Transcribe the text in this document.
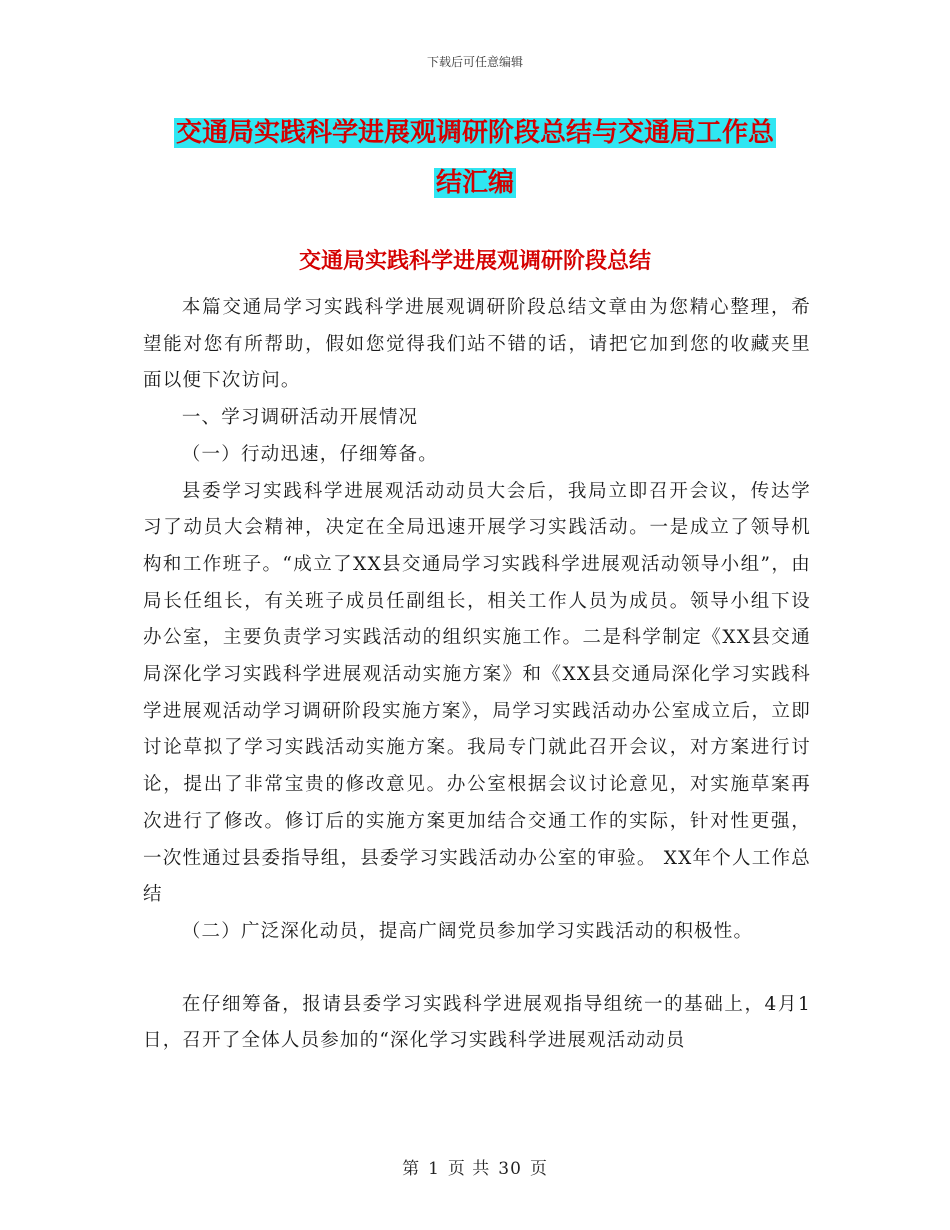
下载后可任意编辑
交通局实践科学进展观调研阶段总结与交通局工作总
结汇编
交通局实践科学进展观调研阶段总结

本篇交通局学习实践科学进展观调研阶段总结文章由为您精心整理，希望能对您有所帮助，假如您觉得我们站不错的话，请把它加到您的收藏夹里面以便下次访问。

一、学习调研活动开展情况

（一）行动迅速，仔细筹备。

县委学习实践科学进展观活动动员大会后，我局立即召开会议，传达学习了动员大会精神，决定在全局迅速开展学习实践活动。一是成立了领导机构和工作班子。“成立了XX县交通局学习实践科学进展观活动领导小组”，由局长任组长，有关班子成员任副组长，相关工作人员为成员。领导小组下设办公室，主要负责学习实践活动的组织实施工作。二是科学制定《XX县交通局深化学习实践科学进展观活动实施方案》和《XX县交通局深化学习实践科学进展观活动学习调研阶段实施方案》，局学习实践活动办公室成立后，立即讨论草拟了学习实践活动实施方案。我局专门就此召开会议，对方案进行讨论，提出了非常宝贵的修改意见。办公室根据会议讨论意见，对实施草案再次进行了修改。修订后的实施方案更加结合交通工作的实际，针对性更强，一次性通过县委指导组，县委学习实践活动办公室的审验。 XX年个人工作总结

（二）广泛深化动员，提高广阔党员参加学习实践活动的积极性。

在仔细筹备，报请县委学习实践科学进展观指导组统一的基础上，4月1日，召开了全体人员参加的“深化学习实践科学进展观活动动员

第 1 页 共 30 页
